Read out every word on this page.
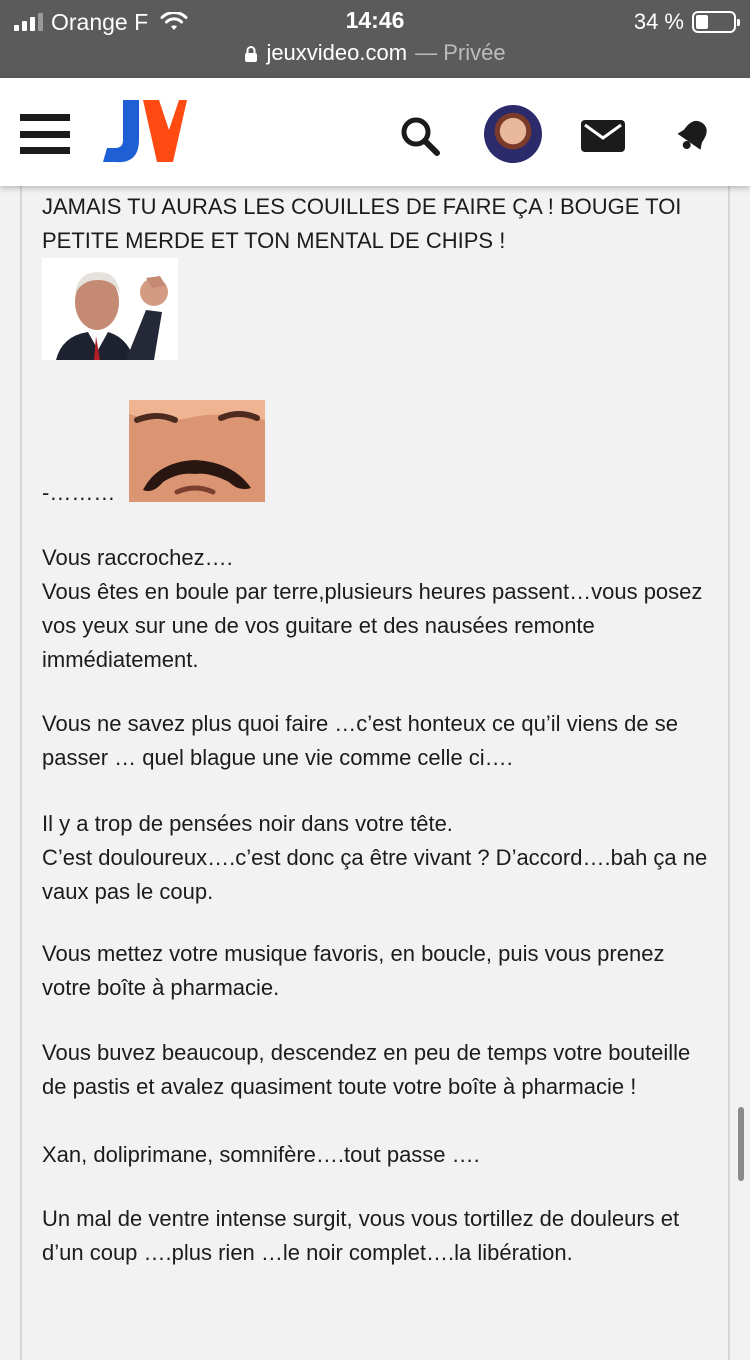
Orange F	14:46	34 %
jeuxvideo.com — Privée
JAMAIS TU AURAS LES COUILLES DE FAIRE ÇA ! BOUGE TOI PETITE MERDE ET TON MENTAL DE CHIPS !
-………
Vous raccrochez….
Vous êtes en boule par terre,plusieurs heures passent…vous posez vos yeux sur une de vos guitare et des nausées remonte immédiatement.
Vous ne savez plus quoi faire …c’est honteux ce qu’il viens de se passer … quel blague une vie comme celle ci….
Il y a trop de pensées noir dans votre tête.
C’est douloureux….c’est donc ça être vivant ? D’accord….bah ça ne vaux pas le coup.
Vous mettez votre musique favoris, en boucle, puis vous prenez votre boîte à pharmacie.
Vous buvez beaucoup, descendez en peu de temps votre bouteille de pastis et avalez quasiment toute votre boîte à pharmacie !
Xan, doliprimane, somnifère….tout passe ….
Un mal de ventre intense surgit, vous vous tortillez de douleurs et d’un coup ….plus rien …le noir complet….la libération.
